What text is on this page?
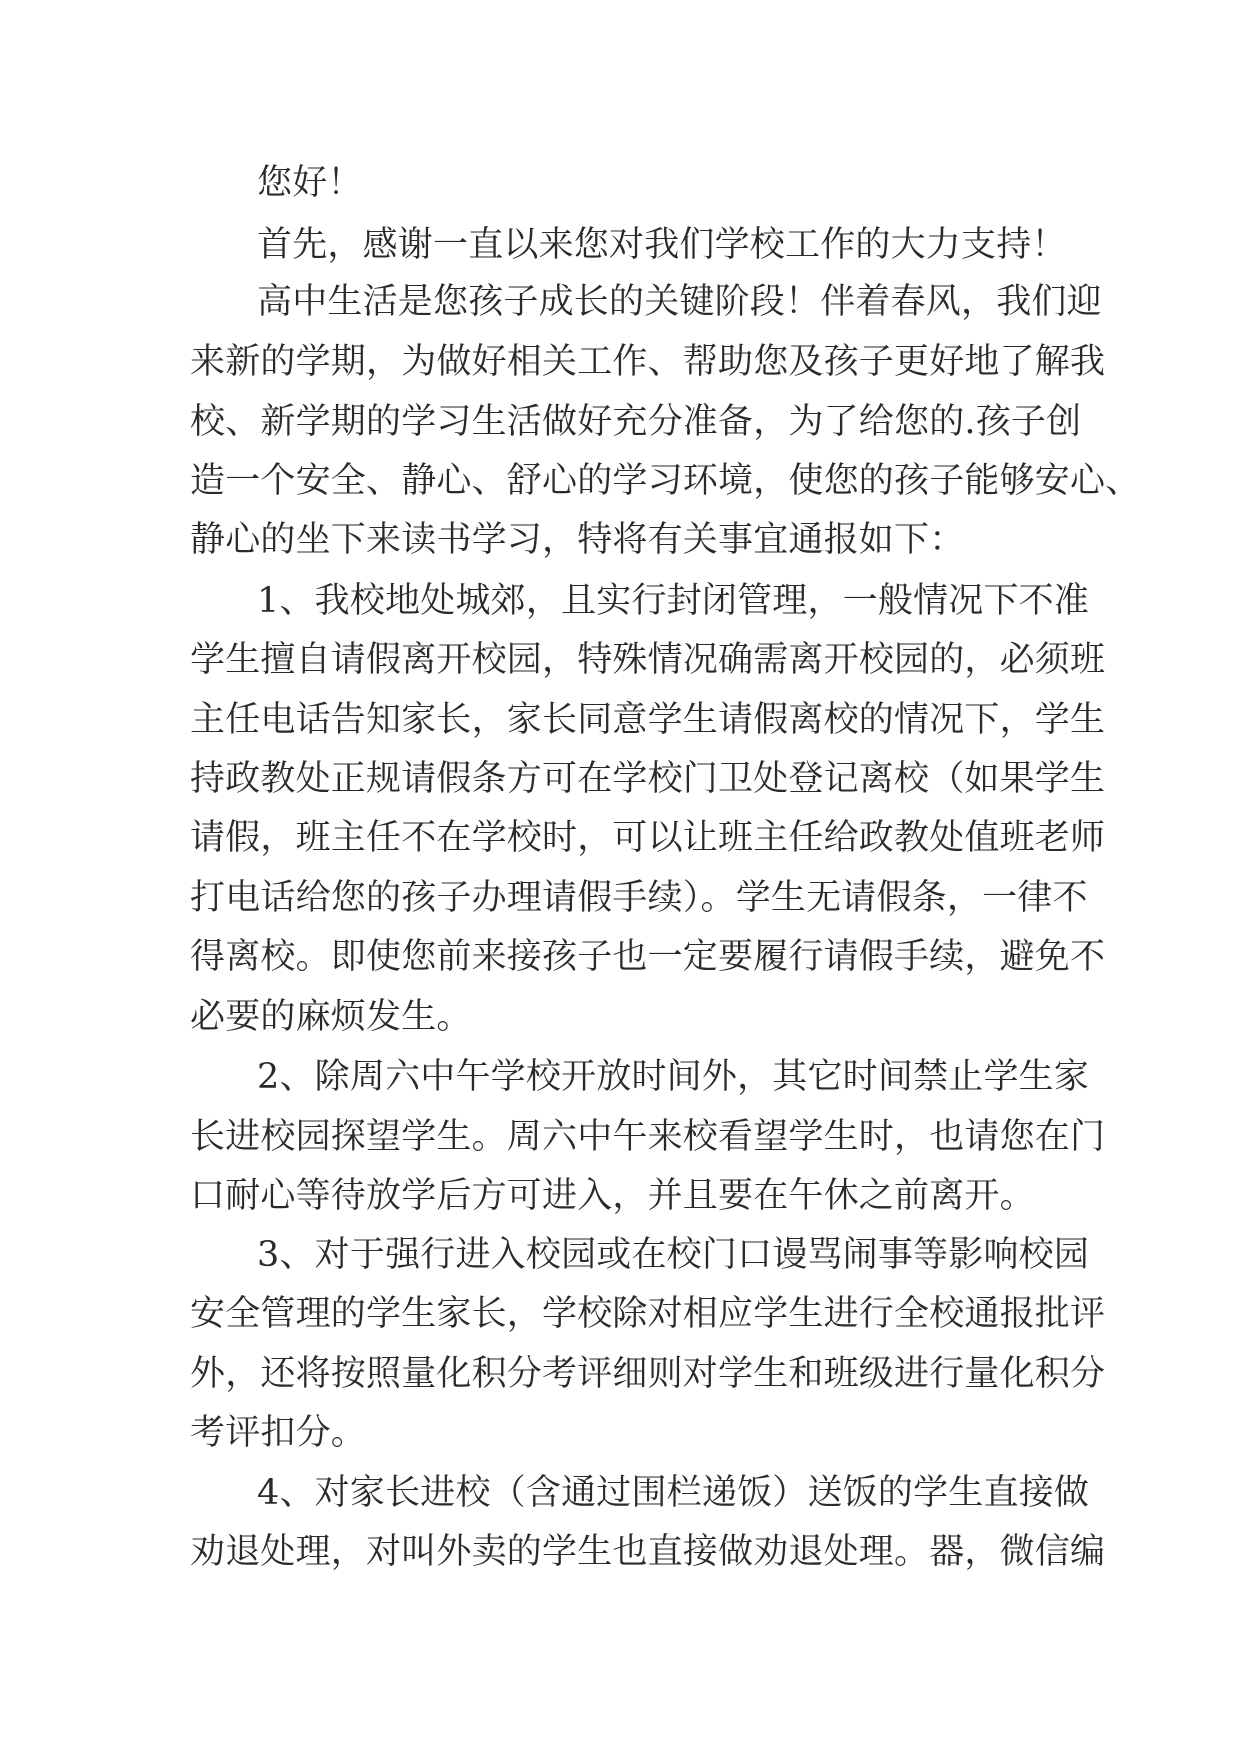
您好！

首先，感谢一直以来您对我们学校工作的大力支持！

高中生活是您孩子成长的关键阶段！伴着春风，我们迎

来新的学期，为做好相关工作、帮助您及孩子更好地了解我

校、新学期的学习生活做好充分准备，为了给您的.孩子创

造一个安全、静心、舒心的学习环境，使您的孩子能够安心、

静心的坐下来读书学习，特将有关事宜通报如下：

1、我校地处城郊，且实行封闭管理，一般情况下不准

学生擅自请假离开校园，特殊情况确需离开校园的，必须班

主任电话告知家长，家长同意学生请假离校的情况下，学生

持政教处正规请假条方可在学校门卫处登记离校（如果学生

请假，班主任不在学校时，可以让班主任给政教处值班老师

打电话给您的孩子办理请假手续）。学生无请假条，一律不

得离校。即使您前来接孩子也一定要履行请假手续，避免不

必要的麻烦发生。

2、除周六中午学校开放时间外，其它时间禁止学生家

长进校园探望学生。周六中午来校看望学生时，也请您在门

口耐心等待放学后方可进入，并且要在午休之前离开。

3、对于强行进入校园或在校门口谩骂闹事等影响校园

安全管理的学生家长，学校除对相应学生进行全校通报批评

外，还将按照量化积分考评细则对学生和班级进行量化积分

考评扣分。

4、对家长进校（含通过围栏递饭）送饭的学生直接做

劝退处理，对叫外卖的学生也直接做劝退处理。器，微信编
